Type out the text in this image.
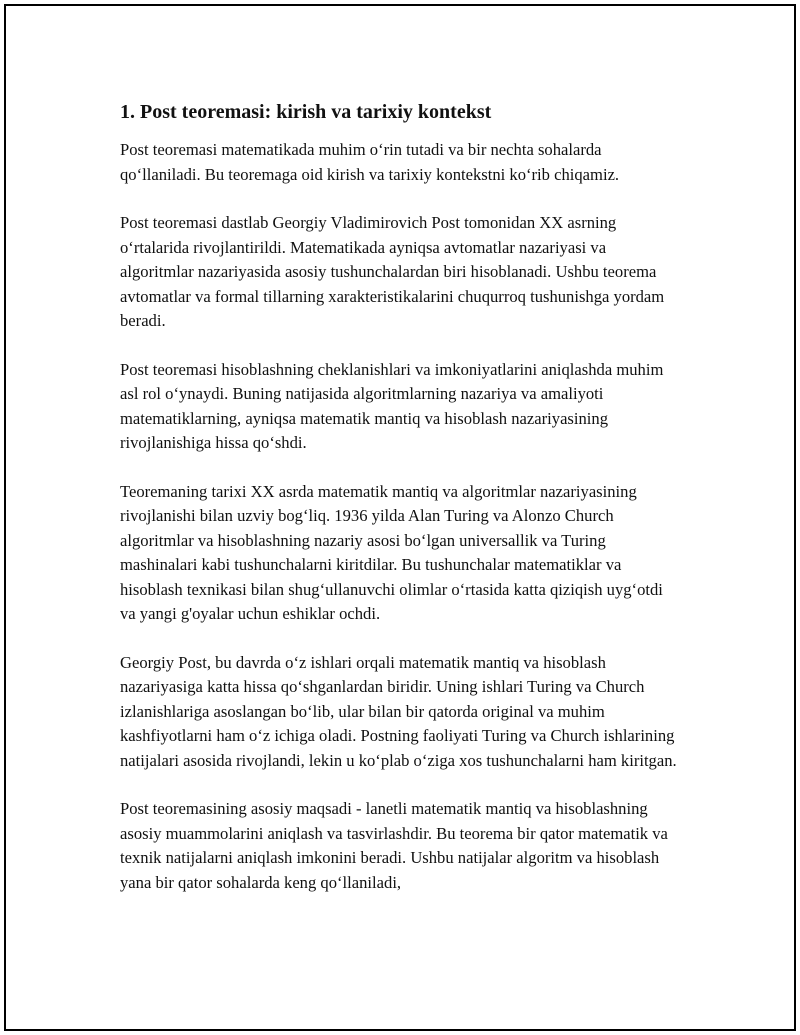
1. Post teoremasi: kirish va tarixiy kontekst

Post teoremasi matematikada muhim o‘rin tutadi va bir nechta sohalarda qo‘llaniladi. Bu teoremaga oid kirish va tarixiy kontekstni ko‘rib chiqamiz.

Post teoremasi dastlab Georgiy Vladimirovich Post tomonidan XX asrning o‘rtalarida rivojlantirildi. Matematikada ayniqsa avtomatlar nazariyasi va algoritmlar nazariyasida asosiy tushunchalardan biri hisoblanadi. Ushbu teorema avtomatlar va formal tillarning xarakteristikalarini chuqurroq tushunishga yordam beradi.

Post teoremasi hisoblashning cheklanishlari va imkoniyatlarini aniqlashda muhim asl rol o‘ynaydi. Buning natijasida algoritmlarning nazariya va amaliyoti matematiklarning, ayniqsa matematik mantiq va hisoblash nazariyasining rivojlanishiga hissa qo‘shdi.

Teoremaning tarixi XX asrda matematik mantiq va algoritmlar nazariyasining rivojlanishi bilan uzviy bog‘liq. 1936 yilda Alan Turing va Alonzo Church algoritmlar va hisoblashning nazariy asosi bo‘lgan universallik va Turing mashinalari kabi tushunchalarni kiritdilar. Bu tushunchalar matematiklar va hisoblash texnikasi bilan shug‘ullanuvchi olimlar o‘rtasida katta qiziqish uyg‘otdi va yangi g'oyalar uchun eshiklar ochdi.

Georgiy Post, bu davrda o‘z ishlari orqali matematik mantiq va hisoblash nazariyasiga katta hissa qo‘shganlardan biridir. Uning ishlari Turing va Church izlanishlariga asoslangan bo‘lib, ular bilan bir qatorda original va muhim kashfiyotlarni ham o‘z ichiga oladi. Postning faoliyati Turing va Church ishlarining natijalari asosida rivojlandi, lekin u ko‘plab o‘ziga xos tushunchalarni ham kiritgan.

Post teoremasining asosiy maqsadi - lanetli matematik mantiq va hisoblashning asosiy muammolarini aniqlash va tasvirlashdir. Bu teorema bir qator matematik va texnik natijalarni aniqlash imkonini beradi. Ushbu natijalar algoritm va hisoblash yana bir qator sohalarda keng qo‘llaniladi,
